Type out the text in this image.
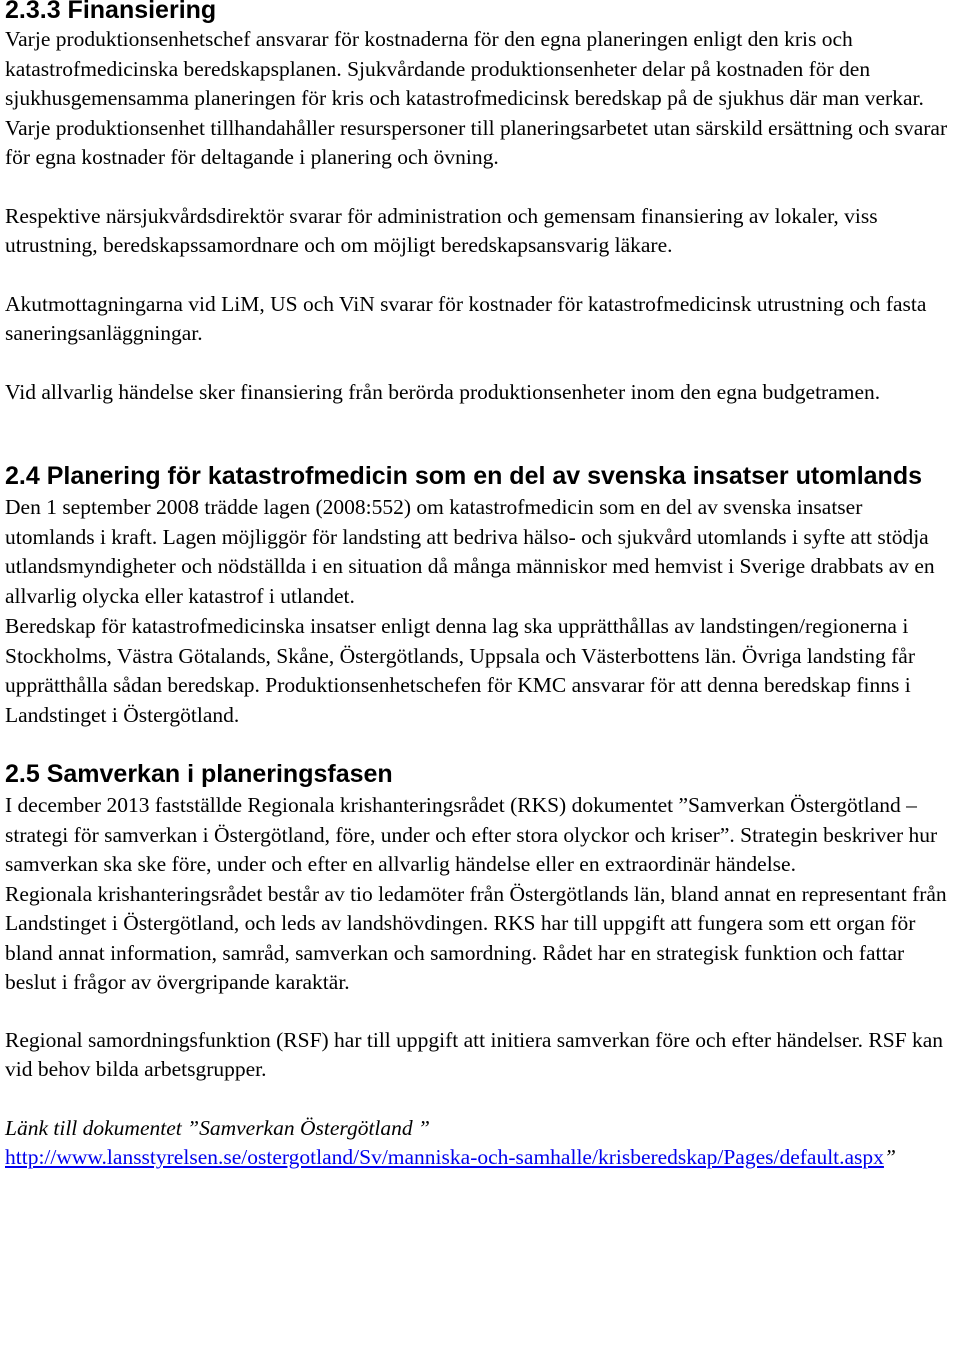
2.3.3 Finansiering

Varje produktionsenhetschef ansvarar för kostnaderna för den egna planeringen enligt den kris och katastrofmedicinska beredskapsplanen. Sjukvårdande produktionsenheter delar på kostnaden för den sjukhusgemensamma planeringen för kris och katastrofmedicinsk beredskap på de sjukhus där man verkar. Varje produktionsenhet tillhandahåller resurspersoner till planeringsarbetet utan särskild ersättning och svarar för egna kostnader för deltagande i planering och övning.

Respektive närsjukvårdsdirektör svarar för administration och gemensam finansiering av lokaler, viss utrustning, beredskapssamordnare och om möjligt beredskapsansvarig läkare.

Akutmottagningarna vid LiM, US och ViN svarar för kostnader för katastrofmedicinsk utrustning och fasta saneringsanläggningar.

Vid allvarlig händelse sker finansiering från berörda produktionsenheter inom den egna budgetramen.

2.4 Planering för katastrofmedicin som en del av svenska insatser utomlands

Den 1 september 2008 trädde lagen (2008:552) om katastrofmedicin som en del av svenska insatser utomlands i kraft. Lagen möjliggör för landsting att bedriva hälso- och sjukvård utomlands i syfte att stödja utlandsmyndigheter och nödställda i en situation då många människor med hemvist i Sverige drabbats av en allvarlig olycka eller katastrof i utlandet.

Beredskap för katastrofmedicinska insatser enligt denna lag ska upprätthållas av landstingen/regionerna i Stockholms, Västra Götalands, Skåne, Östergötlands, Uppsala och Västerbottens län. Övriga landsting får upprätthålla sådan beredskap. Produktionsenhetschefen för KMC ansvarar för att denna beredskap finns i Landstinget i Östergötland.

2.5 Samverkan i planeringsfasen

I december 2013 fastställde Regionala krishanteringsrådet (RKS) dokumentet ”Samverkan Östergötland – strategi för samverkan i Östergötland, före, under och efter stora olyckor och kriser”. Strategin beskriver hur samverkan ska ske före, under och efter en allvarlig händelse eller en extraordinär händelse.

Regionala krishanteringsrådet består av tio ledamöter från Östergötlands län, bland annat en representant från Landstinget i Östergötland, och leds av landshövdingen. RKS har till uppgift att fungera som ett organ för bland annat information, samråd, samverkan och samordning. Rådet har en strategisk funktion och fattar beslut i frågor av övergripande karaktär.

Regional samordningsfunktion (RSF) har till uppgift att initiera samverkan före och efter händelser. RSF kan vid behov bilda arbetsgrupper.

Länk till dokumentet ”Samverkan Östergötland ”

http://www.lansstyrelsen.se/ostergotland/Sv/manniska-och-samhalle/krisberedskap/Pages/default.aspx”
